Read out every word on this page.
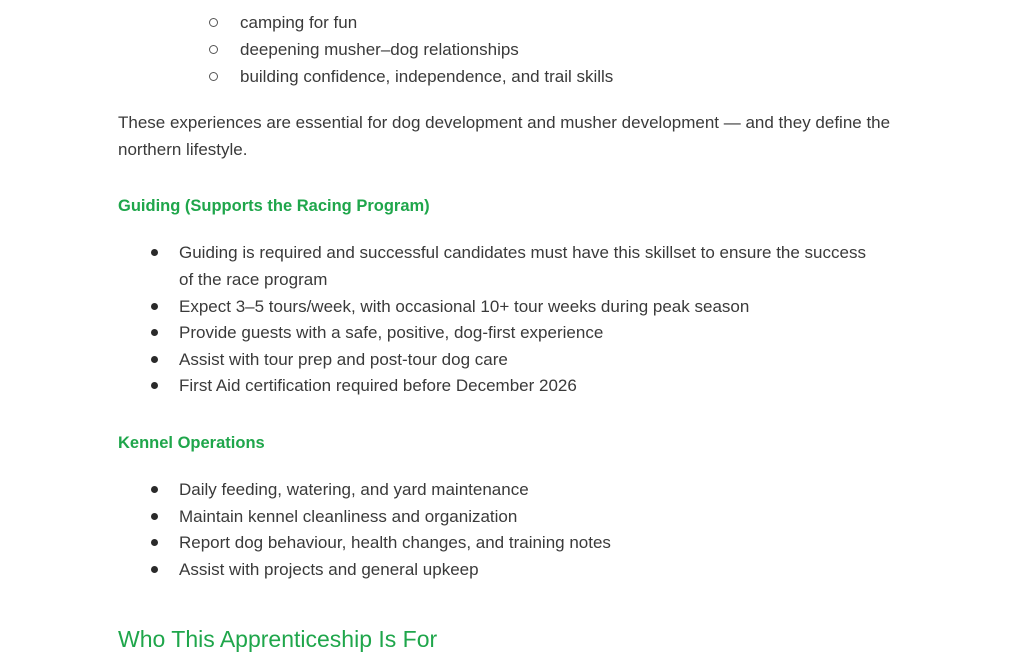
camping for fun
deepening musher–dog relationships
building confidence, independence, and trail skills

These experiences are essential for dog development and musher development — and they define the northern lifestyle.

Guiding (Supports the Racing Program)
Guiding is required and successful candidates must have this skillset to ensure the success of the race program
Expect 3–5 tours/week, with occasional 10+ tour weeks during peak season
Provide guests with a safe, positive, dog-first experience
Assist with tour prep and post-tour dog care
First Aid certification required before December 2026
Kennel Operations
Daily feeding, watering, and yard maintenance
Maintain kennel cleanliness and organization
Report dog behaviour, health changes, and training notes
Assist with projects and general upkeep
Who This Apprenticeship Is For
